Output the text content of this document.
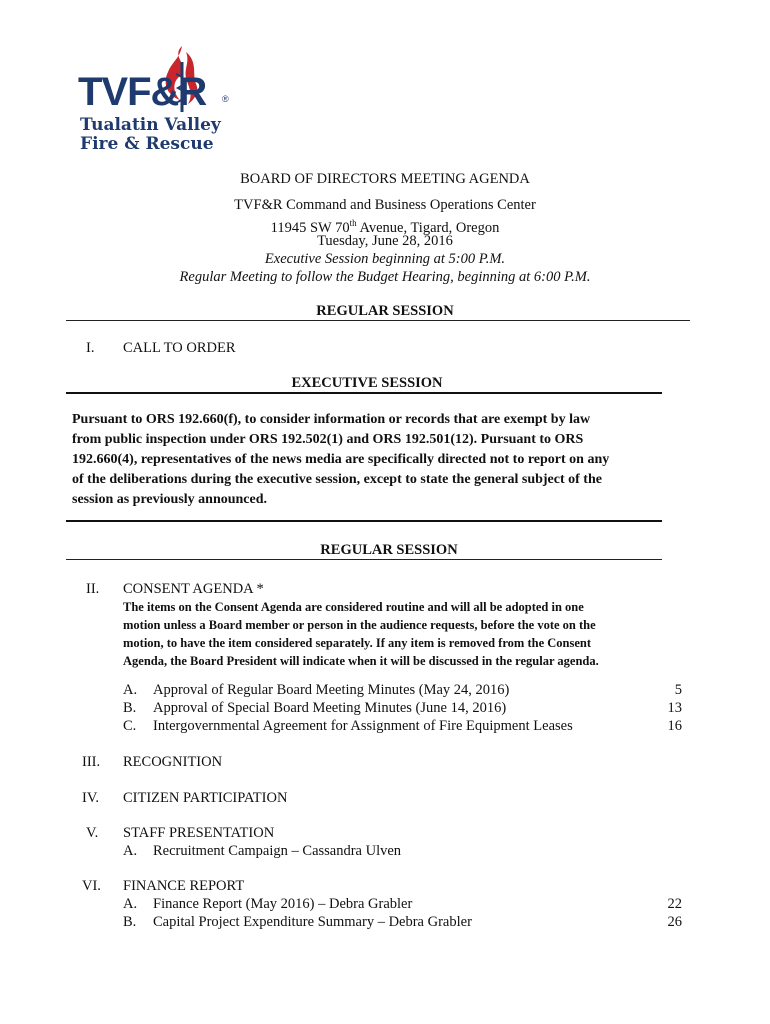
TVF&R ®
Tualatin Valley
Fire & Rescue
BOARD OF DIRECTORS MEETING AGENDA
TVF&R Command and Business Operations Center
11945 SW 70th Avenue, Tigard, Oregon
Tuesday, June 28, 2016
Executive Session beginning at 5:00 P.M.
Regular Meeting to follow the Budget Hearing, beginning at 6:00 P.M.
REGULAR SESSION
I.	CALL TO ORDER
EXECUTIVE SESSION
Pursuant to ORS 192.660(f), to consider information or records that are exempt by law
from public inspection under ORS 192.502(1) and ORS 192.501(12). Pursuant to ORS
192.660(4), representatives of the news media are specifically directed not to report on any
of the deliberations during the executive session, except to state the general subject of the
session as previously announced.
REGULAR SESSION
II.	CONSENT AGENDA *
The items on the Consent Agenda are considered routine and will all be adopted in one
motion unless a Board member or person in the audience requests, before the vote on the
motion, to have the item considered separately. If any item is removed from the Consent
Agenda, the Board President will indicate when it will be discussed in the regular agenda.
A.	Approval of Regular Board Meeting Minutes (May 24, 2016)	5
B.	Approval of Special Board Meeting Minutes (June 14, 2016)	13
C.	Intergovernmental Agreement for Assignment of Fire Equipment Leases	16
III.	RECOGNITION
IV.	CITIZEN PARTICIPATION
V.	STAFF PRESENTATION
A.	Recruitment Campaign – Cassandra Ulven
VI.	FINANCE REPORT
A.	Finance Report (May 2016) – Debra Grabler	22
B.	Capital Project Expenditure Summary – Debra Grabler	26
